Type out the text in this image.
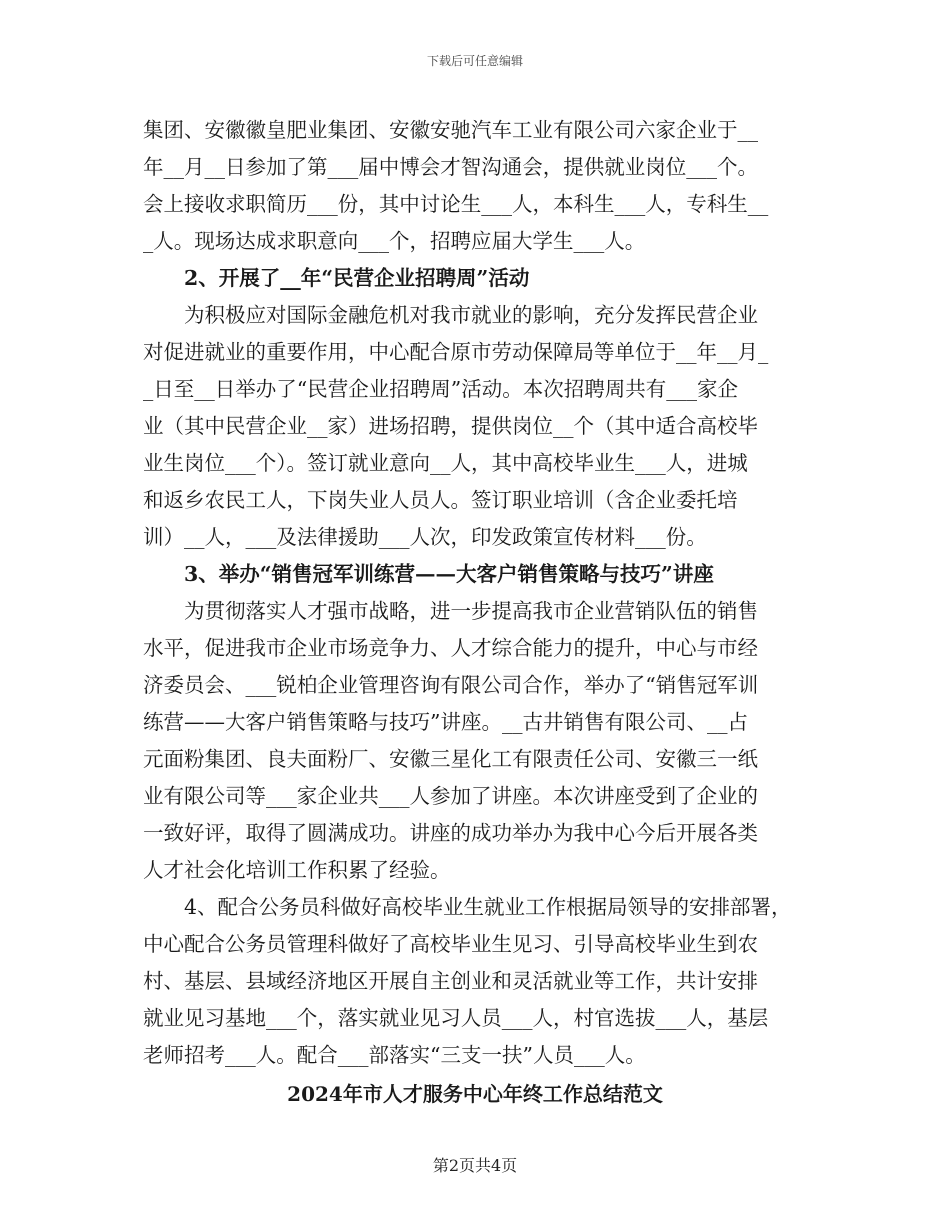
下载后可任意编辑
集团、安徽徽皇肥业集团、安徽安驰汽车工业有限公司六家企业于__
年__月__日参加了第___届中博会才智沟通会，提供就业岗位___个。
会上接收求职简历___份，其中讨论生___人，本科生___人，专科生__
_人。现场达成求职意向___个，招聘应届大学生___人。
2、开展了__年“民营企业招聘周”活动
为积极应对国际金融危机对我市就业的影响，充分发挥民营企业
对促进就业的重要作用，中心配合原市劳动保障局等单位于__年__月_
_日至__日举办了“民营企业招聘周”活动。本次招聘周共有___家企
业（其中民营企业__家）进场招聘，提供岗位__个（其中适合高校毕
业生岗位___个）。签订就业意向__人，其中高校毕业生___人，进城
和返乡农民工人，下岗失业人员人。签订职业培训（含企业委托培
训）__人，___及法律援助___人次，印发政策宣传材料___份。
3、举办“销售冠军训练营——大客户销售策略与技巧”讲座
为贯彻落实人才强市战略，进一步提高我市企业营销队伍的销售
水平，促进我市企业市场竞争力、人才综合能力的提升，中心与市经
济委员会、___锐柏企业管理咨询有限公司合作，举办了“销售冠军训
练营——大客户销售策略与技巧”讲座。__古井销售有限公司、__占
元面粉集团、良夫面粉厂、安徽三星化工有限责任公司、安徽三一纸
业有限公司等___家企业共___人参加了讲座。本次讲座受到了企业的
一致好评，取得了圆满成功。讲座的成功举办为我中心今后开展各类
人才社会化培训工作积累了经验。
4、配合公务员科做好高校毕业生就业工作根据局领导的安排部署，
中心配合公务员管理科做好了高校毕业生见习、引导高校毕业生到农
村、基层、县域经济地区开展自主创业和灵活就业等工作，共计安排
就业见习基地___个，落实就业见习人员___人，村官选拔___人，基层
老师招考___人。配合___部落实“三支一扶”人员___人。
2024年市人才服务中心年终工作总结范文
第2页共4页
